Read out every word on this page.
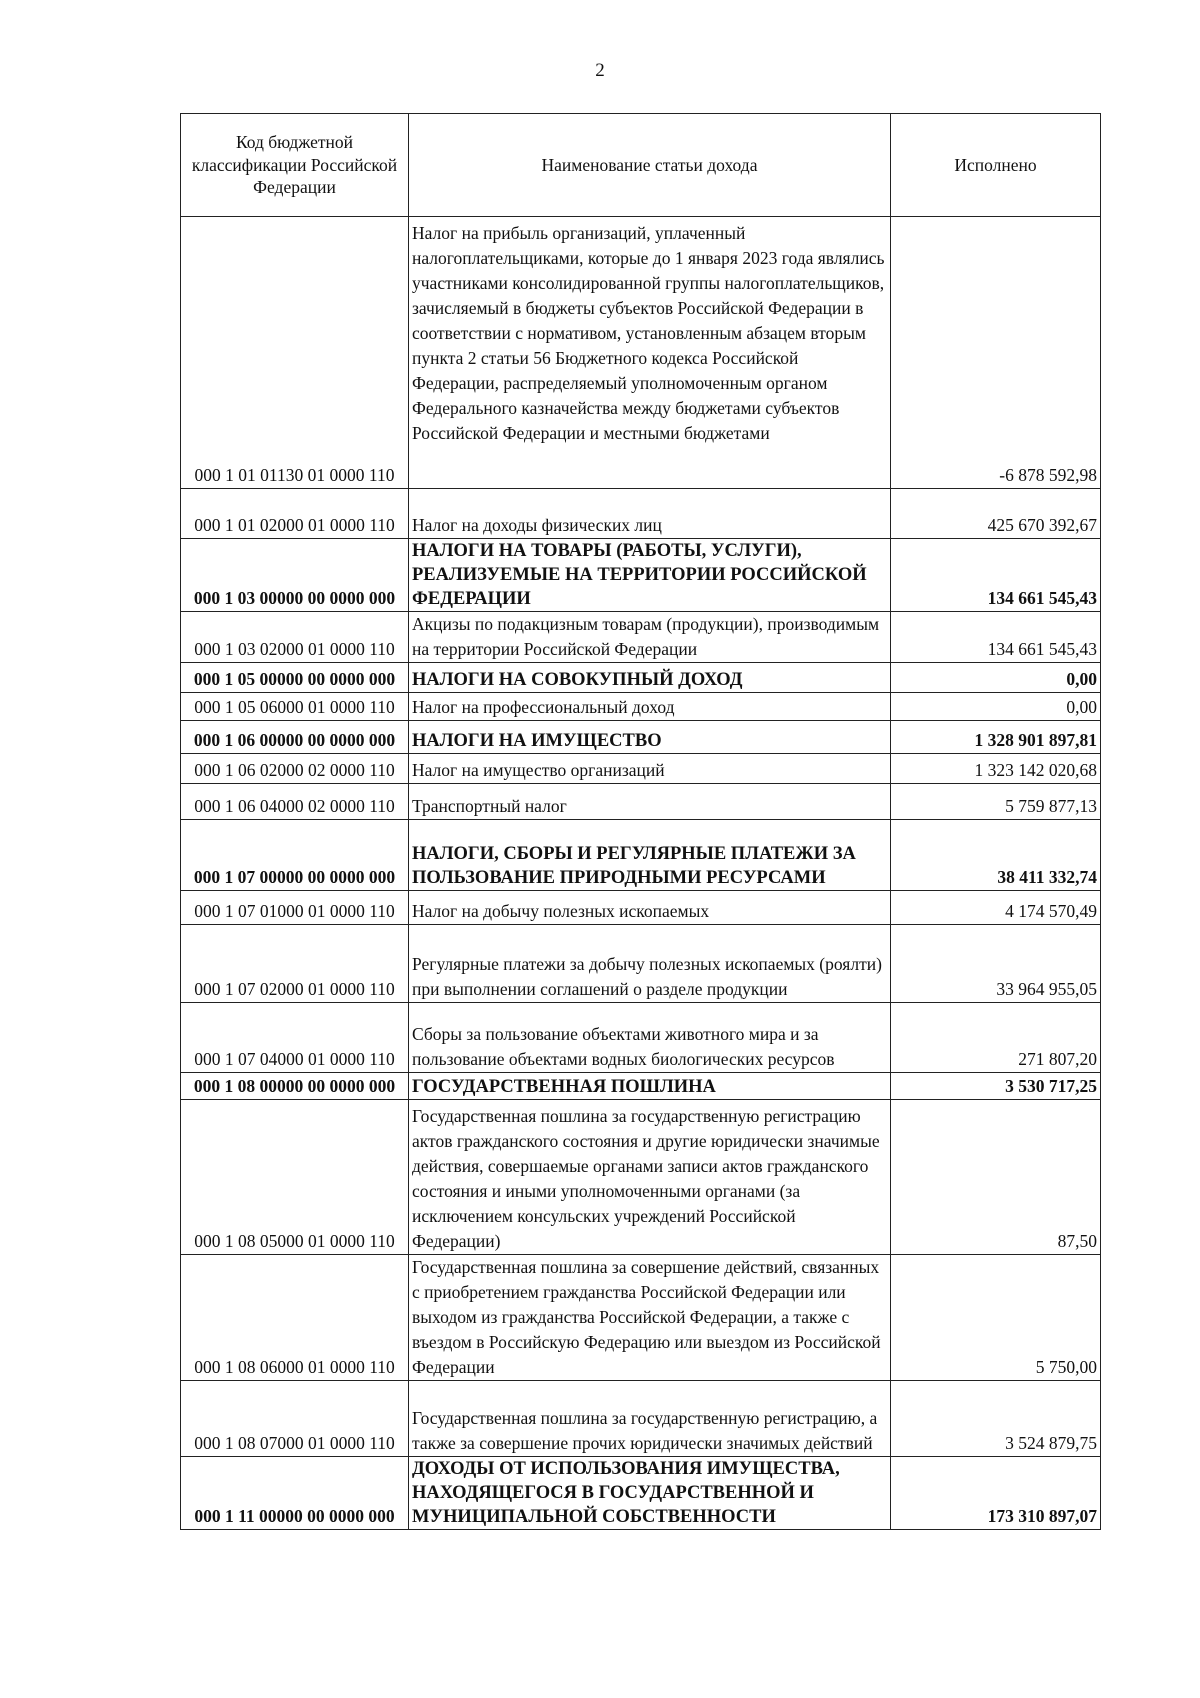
2
Код бюджетной классификации Российской Федерации	Наименование статьи дохода	Исполнено
000 1 01 01130 01 0000 110	Налог на прибыль организаций, уплаченный налогоплательщиками, которые до 1 января 2023 года являлись участниками консолидированной группы налогоплательщиков, зачисляемый в бюджеты субъектов Российской Федерации в соответствии с нормативом, установленным абзацем вторым пункта 2 статьи 56 Бюджетного кодекса Российской Федерации, распределяемый уполномоченным органом Федерального казначейства между бюджетами субъектов Российской Федерации и местными бюджетами	-6 878 592,98
000 1 01 02000 01 0000 110	Налог на доходы физических лиц	425 670 392,67
000 1 03 00000 00 0000 000	НАЛОГИ НА ТОВАРЫ (РАБОТЫ, УСЛУГИ), РЕАЛИЗУЕМЫЕ НА ТЕРРИТОРИИ РОССИЙСКОЙ ФЕДЕРАЦИИ	134 661 545,43
000 1 03 02000 01 0000 110	Акцизы по подакцизным товарам (продукции), производимым на территории Российской Федерации	134 661 545,43
000 1 05 00000 00 0000 000	НАЛОГИ НА СОВОКУПНЫЙ ДОХОД	0,00
000 1 05 06000 01 0000 110	Налог на профессиональный доход	0,00
000 1 06 00000 00 0000 000	НАЛОГИ НА ИМУЩЕСТВО	1 328 901 897,81
000 1 06 02000 02 0000 110	Налог на имущество организаций	1 323 142 020,68
000 1 06 04000 02 0000 110	Транспортный налог	5 759 877,13
000 1 07 00000 00 0000 000	НАЛОГИ, СБОРЫ И РЕГУЛЯРНЫЕ ПЛАТЕЖИ ЗА ПОЛЬЗОВАНИЕ ПРИРОДНЫМИ РЕСУРСАМИ	38 411 332,74
000 1 07 01000 01 0000 110	Налог на добычу полезных ископаемых	4 174 570,49
000 1 07 02000 01 0000 110	Регулярные платежи за добычу полезных ископаемых (роялти) при выполнении соглашений о разделе продукции	33 964 955,05
000 1 07 04000 01 0000 110	Сборы за пользование объектами животного мира и за пользование объектами водных биологических ресурсов	271 807,20
000 1 08 00000 00 0000 000	ГОСУДАРСТВЕННАЯ ПОШЛИНА	3 530 717,25
000 1 08 05000 01 0000 110	Государственная пошлина за государственную регистрацию актов гражданского состояния и другие юридически значимые действия, совершаемые органами записи актов гражданского состояния и иными уполномоченными органами (за исключением консульских учреждений Российской Федерации)	87,50
000 1 08 06000 01 0000 110	Государственная пошлина за совершение действий, связанных с приобретением гражданства Российской Федерации или выходом из гражданства Российской Федерации, а также с въездом в Российскую Федерацию или выездом из Российской Федерации	5 750,00
000 1 08 07000 01 0000 110	Государственная пошлина за государственную регистрацию, а также за совершение прочих юридически значимых действий	3 524 879,75
000 1 11 00000 00 0000 000	ДОХОДЫ ОТ ИСПОЛЬЗОВАНИЯ ИМУЩЕСТВА, НАХОДЯЩЕГОСЯ В ГОСУДАРСТВЕННОЙ И МУНИЦИПАЛЬНОЙ СОБСТВЕННОСТИ	173 310 897,07
